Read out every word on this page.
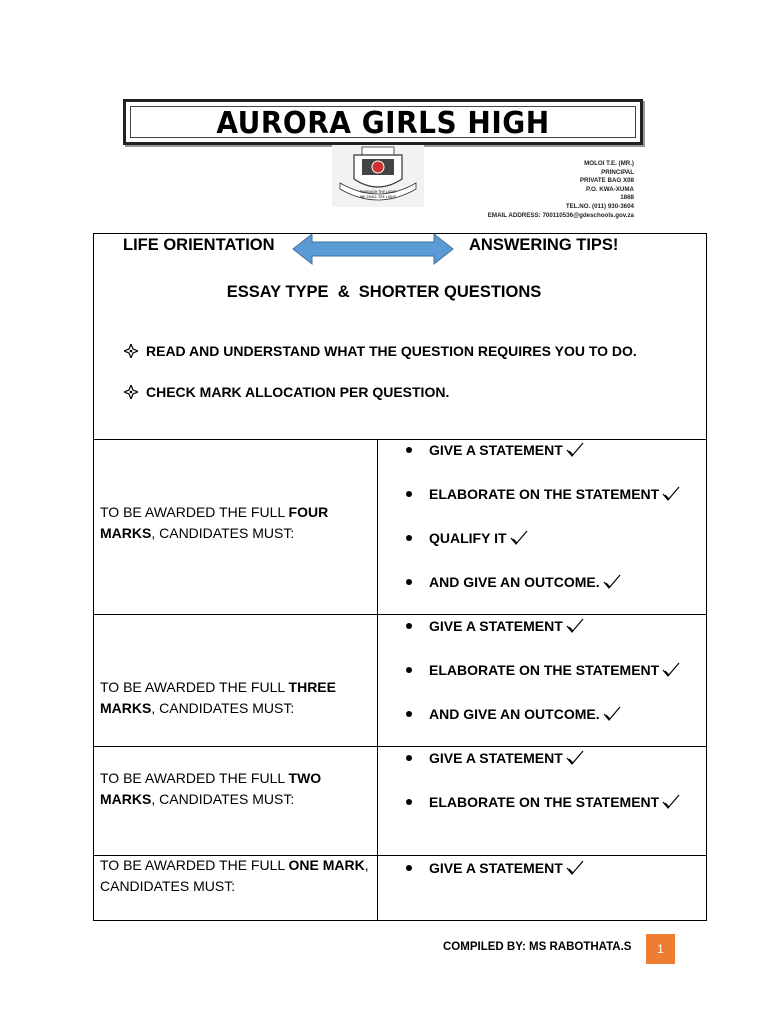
AURORA GIRLS HIGH
THROUGH THY LIGHT
WE SHALL SEE LIGHT
MOLOI T.E. (MR.)
PRINCIPAL
PRIVATE BAG X08
P.O. KWA-XUMA
1868
TEL.NO. (011) 930-3604
EMAIL ADDRESS: 700110536@gdeschools.gov.za
LIFE ORIENTATION	ANSWERING TIPS!
ESSAY TYPE  &  SHORTER QUESTIONS
READ AND UNDERSTAND WHAT THE QUESTION REQUIRES YOU TO DO.
CHECK MARK ALLOCATION PER QUESTION.
TO BE AWARDED THE FULL FOUR MARKS, CANDIDATES MUST:
GIVE A STATEMENT
ELABORATE ON THE STATEMENT
QUALIFY IT
AND GIVE AN OUTCOME.
TO BE AWARDED THE FULL THREE MARKS, CANDIDATES MUST:
GIVE A STATEMENT
ELABORATE ON THE STATEMENT
AND GIVE AN OUTCOME.
TO BE AWARDED THE FULL TWO MARKS, CANDIDATES MUST:
GIVE A STATEMENT
ELABORATE ON THE STATEMENT
TO BE AWARDED THE FULL ONE MARK, CANDIDATES MUST:
GIVE A STATEMENT
COMPILED BY: MS RABOTHATA.S	1
